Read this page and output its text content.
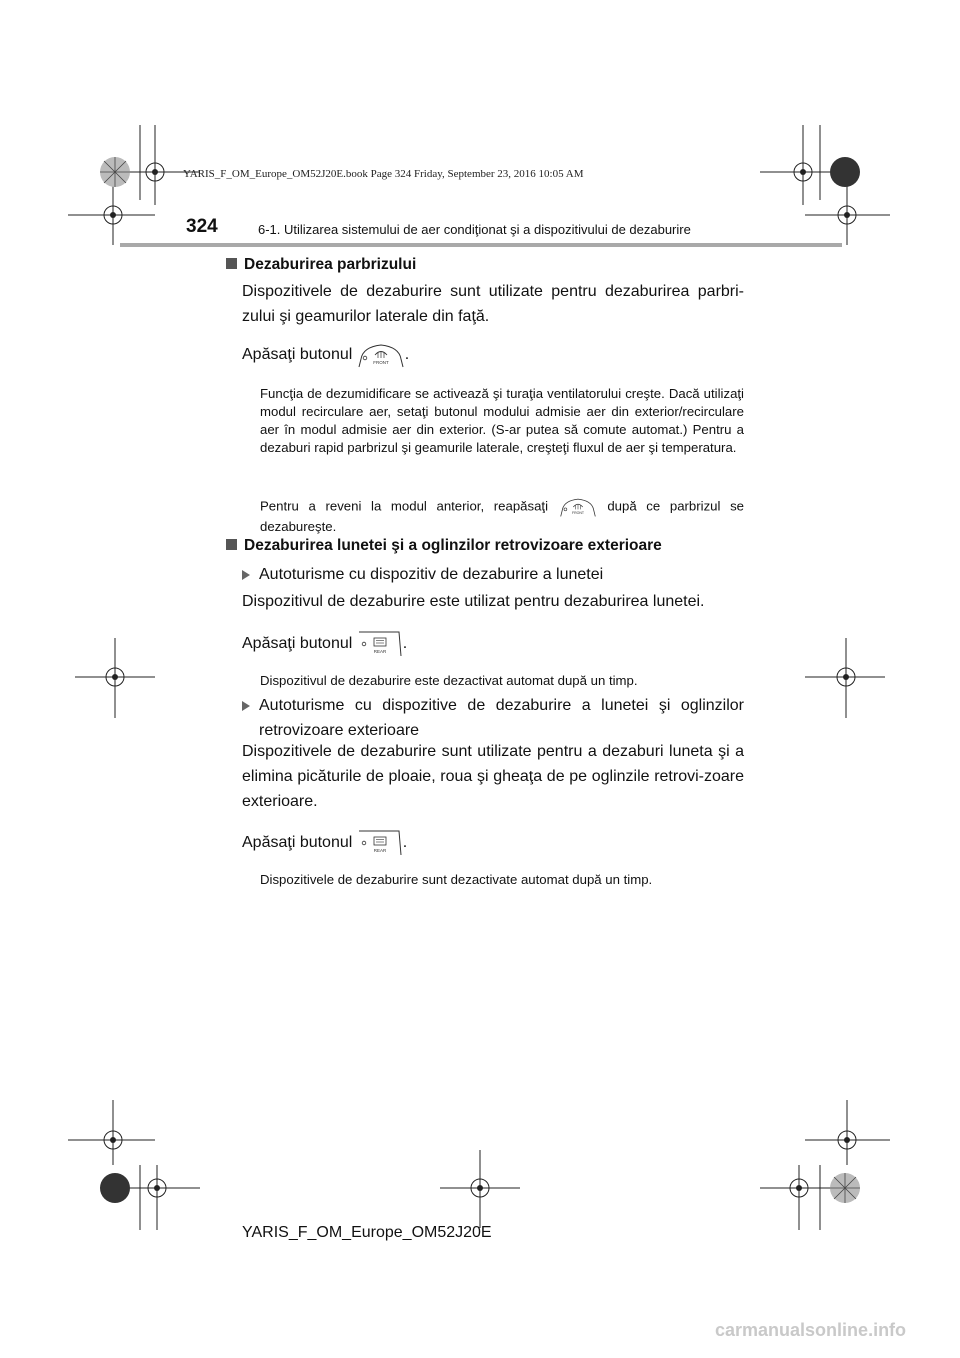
YARIS_F_OM_Europe_OM52J20E.book Page 324 Friday, September 23, 2016 10:05 AM
324	6-1. Utilizarea sistemului de aer condiţionat şi a dispozitivului de dezaburire
Dezaburirea parbrizului
Dispozitivele de dezaburire sunt utilizate pentru dezaburirea parbri-zului şi geamurilor laterale din faţă.
Apăsaţi butonul	FRONT .
Funcţia de dezumidificare se activează şi turaţia ventilatorului creşte. Dacă utilizaţi modul recirculare aer, setaţi butonul modului admisie aer din exterior/recirculare aer în modul admisie aer din exterior. (S-ar putea să comute automat.) Pentru a dezaburi rapid parbrizul şi geamurile laterale, creşteţi fluxul de aer şi temperatura.
Pentru a reveni la modul anterior, reapăsaţi	FRONT după ce parbrizul se dezabureşte.
Dezaburirea lunetei şi a oglinzilor retrovizoare exterioare
Autoturisme cu dispozitiv de dezaburire a lunetei
Dispozitivul de dezaburire este utilizat pentru dezaburirea lunetei.
Apăsaţi butonul	REAR .
Dispozitivul de dezaburire este dezactivat automat după un timp.
Autoturisme cu dispozitive de dezaburire a lunetei şi oglinzilor retrovizoare exterioare
Dispozitivele de dezaburire sunt utilizate pentru a dezaburi luneta şi a elimina picăturile de ploaie, roua şi gheaţa de pe oglinzile retrovi-zoare exterioare.
Apăsaţi butonul	REAR .
Dispozitivele de dezaburire sunt dezactivate automat după un timp.
YARIS_F_OM_Europe_OM52J20E
carmanualsonline.info
